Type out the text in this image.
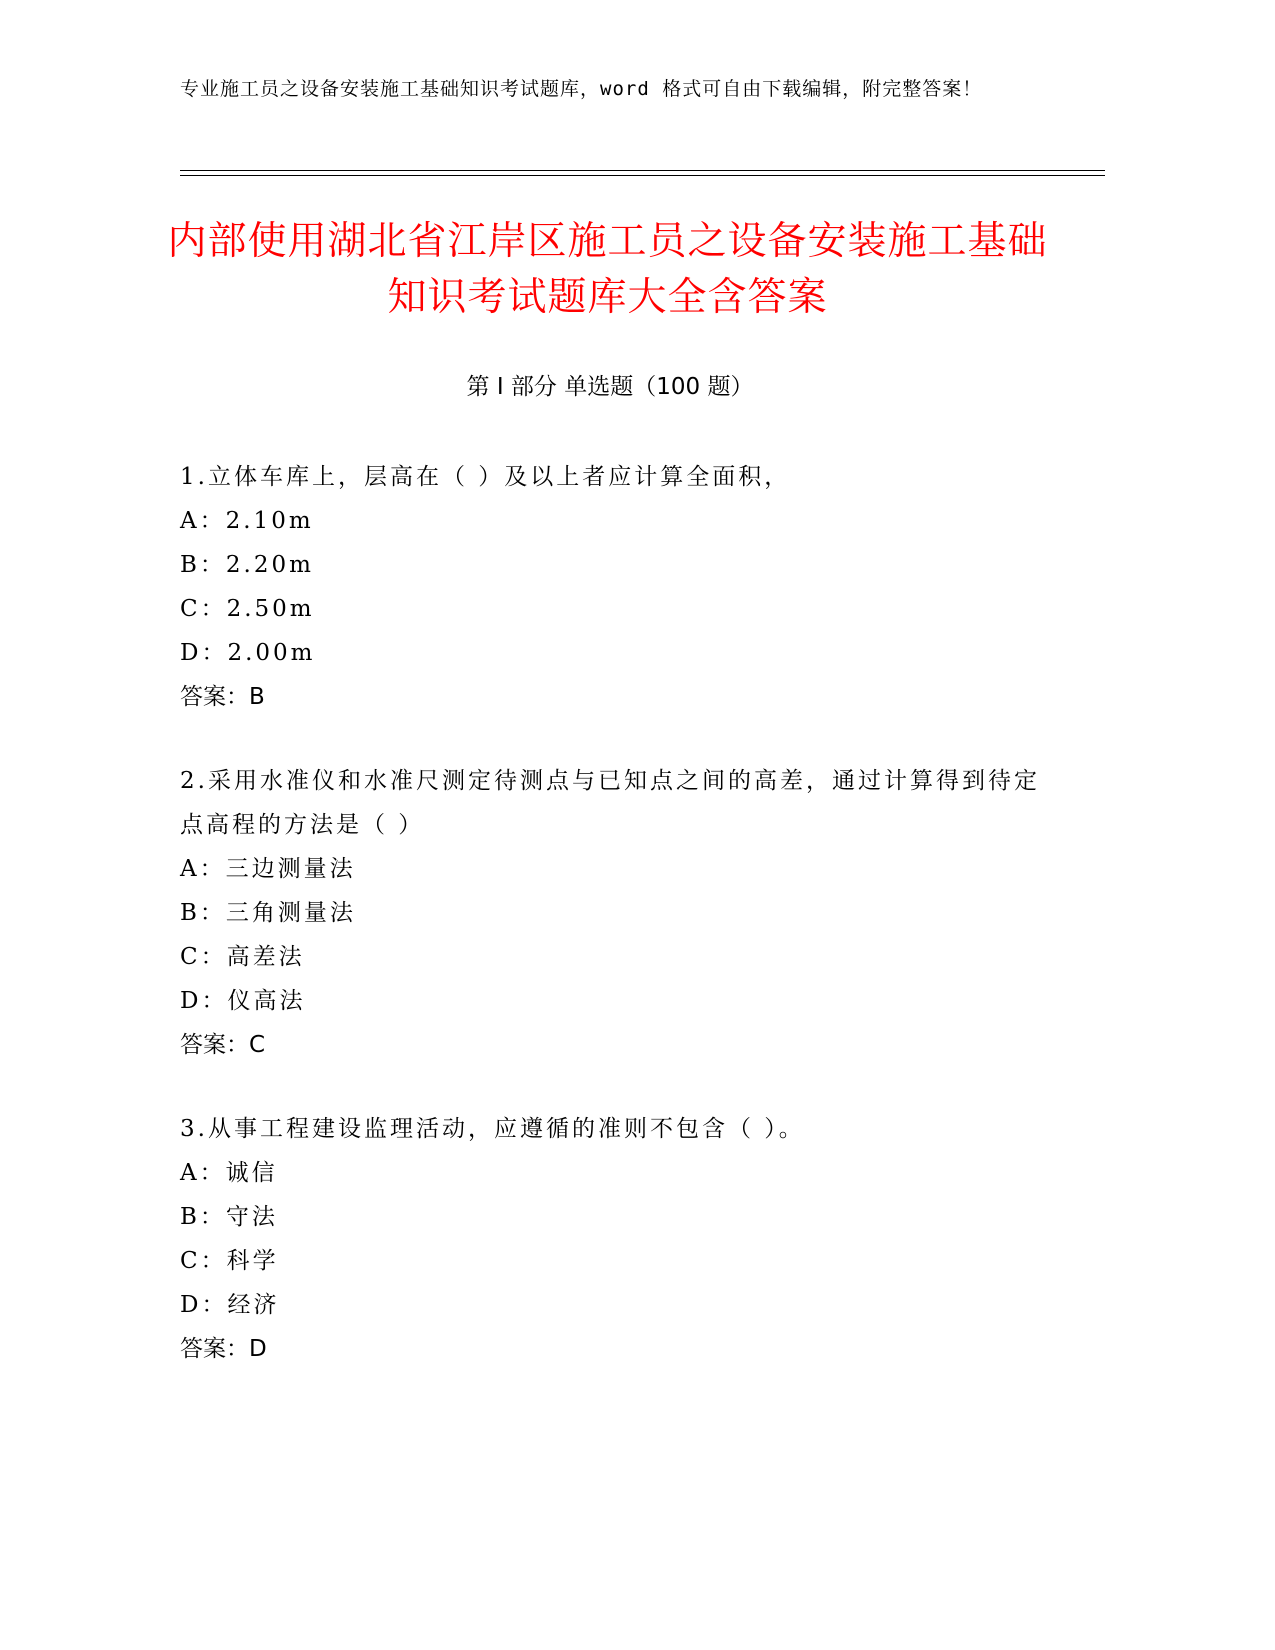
专业施工员之设备安装施工基础知识考试题库，word 格式可自由下载编辑，附完整答案！
内部使用湖北省江岸区施工员之设备安装施工基础知识考试题库大全含答案
第 I 部分 单选题（100 题）

1.立体车库上，层高在（ ）及以上者应计算全面积，

A：2.10m

B：2.20m

C：2.50m

D：2.00m

答案：B

2.采用水准仪和水准尺测定待测点与已知点之间的高差，通过计算得到待定点高程的方法是（ ）

A：三边测量法

B：三角测量法

C：高差法

D：仪高法

答案：C

3.从事工程建设监理活动，应遵循的准则不包含（ ）。

A：诚信

B：守法

C：科学

D：经济

答案：D
